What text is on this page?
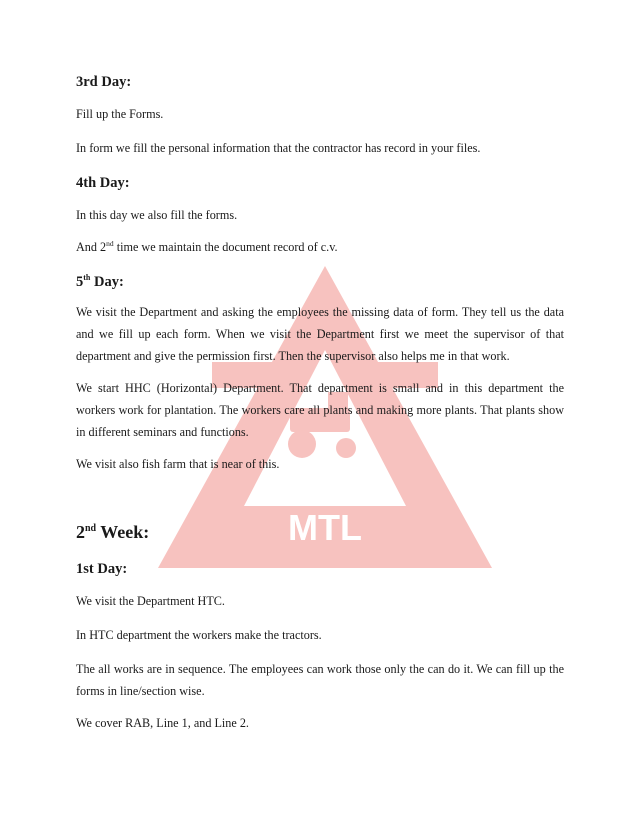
MTL
3rd Day:

Fill up the Forms.

In form we fill the personal information that the contractor has record in your files.

4th Day:

In this day we also fill the forms.

And 2nd time we maintain the document record of c.v.

5th Day:

We visit the Department and asking the employees the missing data of form. They tell us the data and we fill up each form. When we visit the Department first we meet the supervisor of that department and give the permission first. Then the supervisor also helps me in that work.

We start HHC (Horizontal) Department. That department is small and in this department the workers work for plantation. The workers care all plants and making more plants. That plants show in different seminars and functions.

We visit also fish farm that is near of this.

2nd Week:
1st Day:

We visit the Department HTC.

In HTC department the workers make the tractors.

The all works are in sequence. The employees can work those only the can do it. We can fill up the forms in line/section wise.

We cover RAB, Line 1, and Line 2.
